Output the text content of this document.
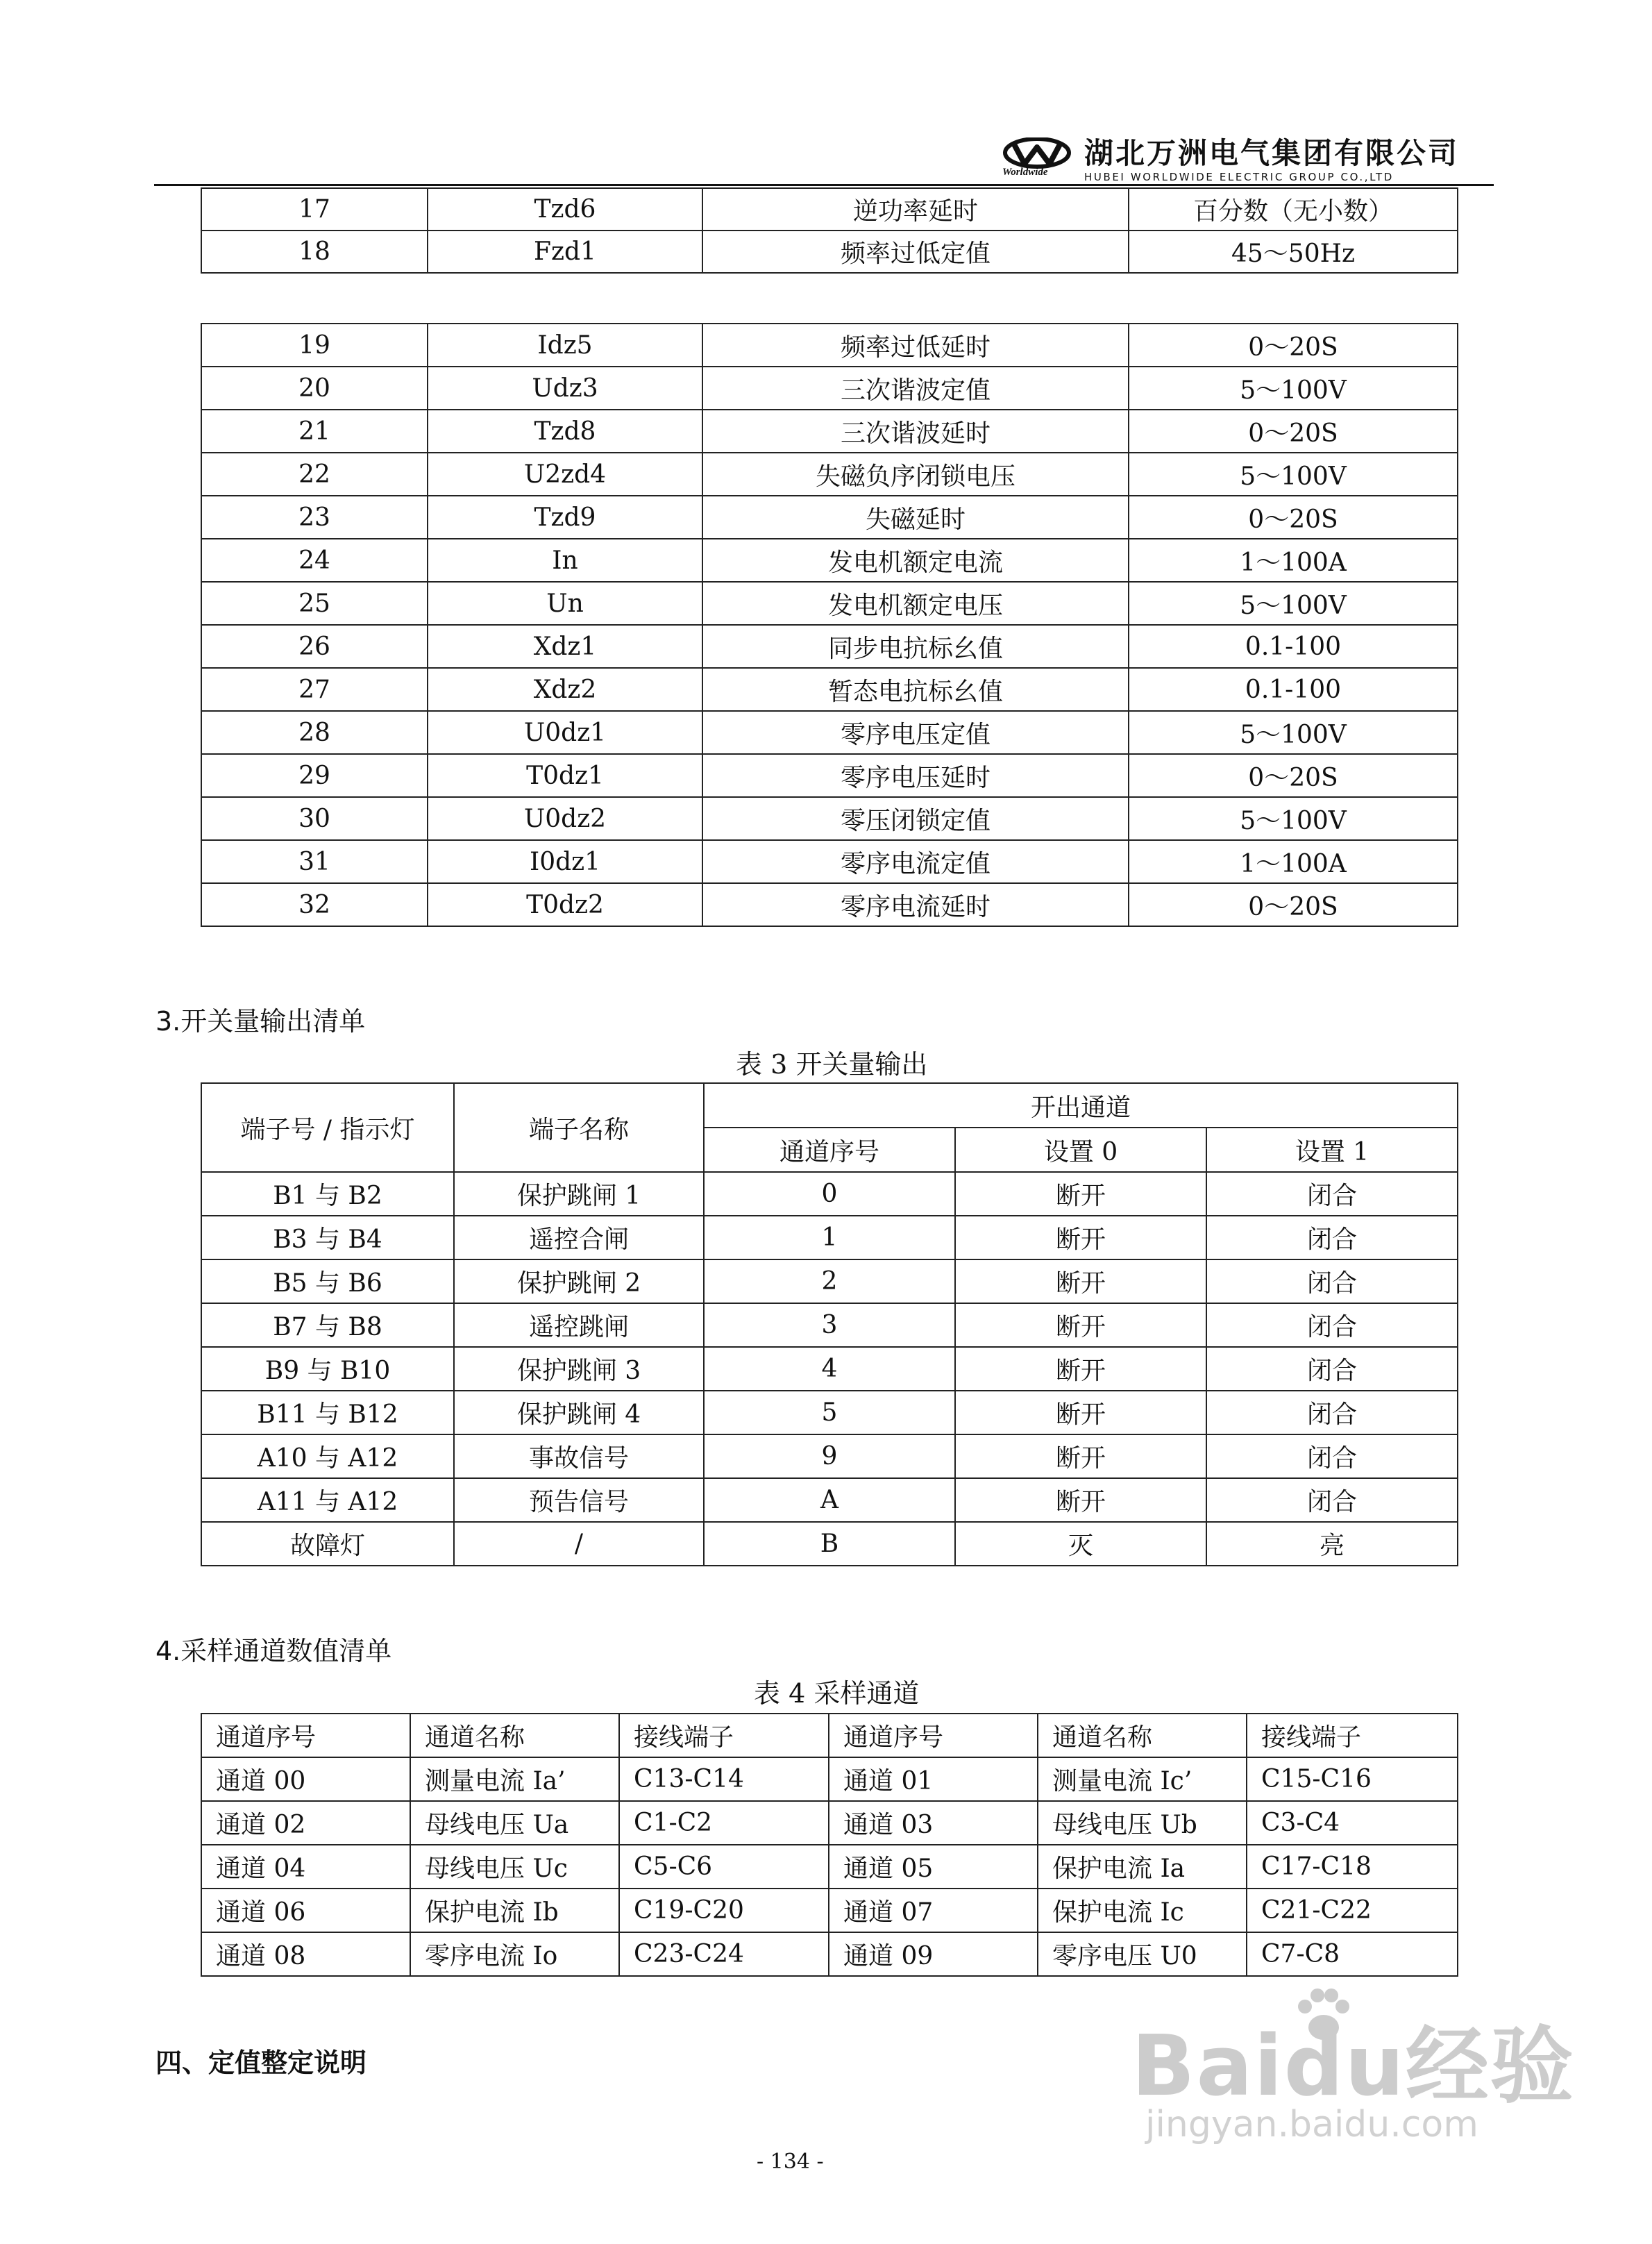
Worldwide
湖北万洲电气集团有限公司
HUBEI WORLDWIDE ELECTRIC GROUP CO.,LTD
17	Tzd6	逆功率延时	百分数（无小数）
18	Fzd1	频率过低定值	45～50Hz
19	Idz5	频率过低延时	0～20S
20	Udz3	三次谐波定值	5～100V
21	Tzd8	三次谐波延时	0～20S
22	U2zd4	失磁负序闭锁电压	5～100V
23	Tzd9	失磁延时	0～20S
24	In	发电机额定电流	1～100A
25	Un	发电机额定电压	5～100V
26	Xdz1	同步电抗标幺值	0.1-100
27	Xdz2	暂态电抗标幺值	0.1-100
28	U0dz1	零序电压定值	5～100V
29	T0dz1	零序电压延时	0～20S
30	U0dz2	零压闭锁定值	5～100V
31	I0dz1	零序电流定值	1～100A
32	T0dz2	零序电流延时	0～20S
3.开关量输出清单
表 3 开关量输出
端子号 / 指示灯	端子名称	开出通道		
		通道序号	设置 0	设置 1
B1 与 B2	保护跳闸 1	0	断开	闭合
B3 与 B4	遥控合闸	1	断开	闭合
B5 与 B6	保护跳闸 2	2	断开	闭合
B7 与 B8	遥控跳闸	3	断开	闭合
B9 与 B10	保护跳闸 3	4	断开	闭合
B11 与 B12	保护跳闸 4	5	断开	闭合
A10 与 A12	事故信号	9	断开	闭合
A11 与 A12	预告信号	A	断开	闭合
故障灯	/	B	灭	亮
4.采样通道数值清单
表 4 采样通道
通道序号	通道名称	接线端子	通道序号	通道名称	接线端子
通道 00	测量电流 Ia’	C13-C14	通道 01	测量电流 Ic’	C15-C16
通道 02	母线电压 Ua	C1-C2	通道 03	母线电压 Ub	C3-C4
通道 04	母线电压 Uc	C5-C6	通道 05	保护电流 Ia	C17-C18
通道 06	保护电流 Ib	C19-C20	通道 07	保护电流 Ic	C21-C22
通道 08	零序电流 Io	C23-C24	通道 09	零序电压 U0	C7-C8
四、定值整定说明
- 134 -
Baidu经验
jingyan.baidu.com
